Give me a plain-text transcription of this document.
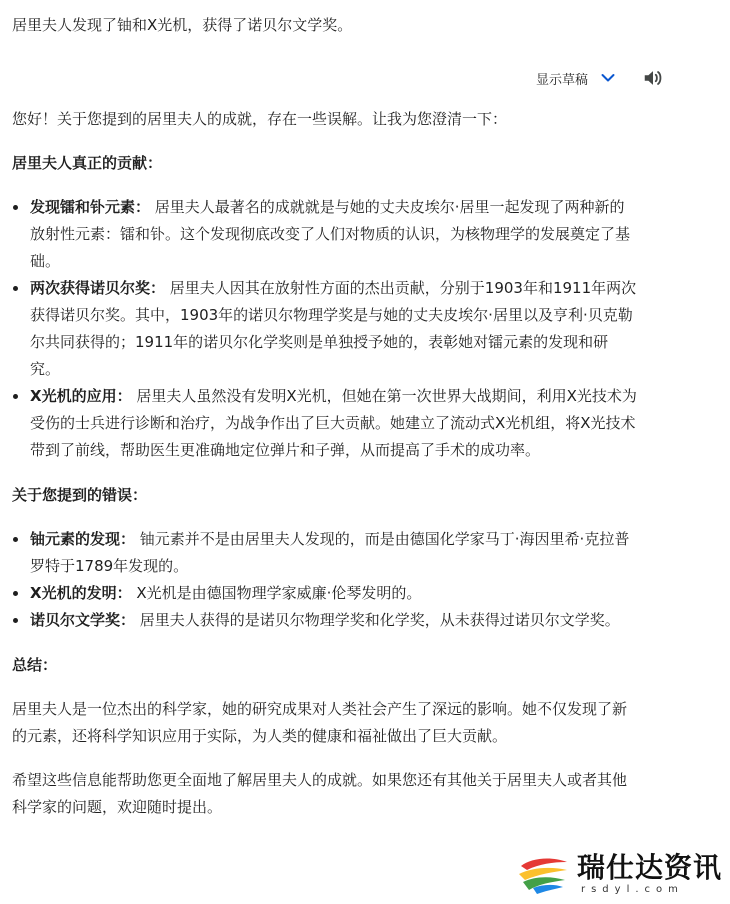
居里夫人发现了铀和X光机，获得了诺贝尔文学奖。
显示草稿

您好！关于您提到的居里夫人的成就，存在一些误解。让我为您澄清一下：

居里夫人真正的贡献：
发现镭和钋元素： 居里夫人最著名的成就就是与她的丈夫皮埃尔·居里一起发现了两种新的放射性元素：镭和钋。这个发现彻底改变了人们对物质的认识，为核物理学的发展奠定了基础。
两次获得诺贝尔奖： 居里夫人因其在放射性方面的杰出贡献，分别于1903年和1911年两次获得诺贝尔奖。其中，1903年的诺贝尔物理学奖是与她的丈夫皮埃尔·居里以及亨利·贝克勒尔共同获得的；1911年的诺贝尔化学奖则是单独授予她的，表彰她对镭元素的发现和研究。
X光机的应用： 居里夫人虽然没有发明X光机，但她在第一次世界大战期间，利用X光技术为受伤的士兵进行诊断和治疗，为战争作出了巨大贡献。她建立了流动式X光机组，将X光技术带到了前线，帮助医生更准确地定位弹片和子弹，从而提高了手术的成功率。
关于您提到的错误：
铀元素的发现： 铀元素并不是由居里夫人发现的，而是由德国化学家马丁·海因里希·克拉普罗特于1789年发现的。
X光机的发明： X光机是由德国物理学家威廉·伦琴发明的。
诺贝尔文学奖： 居里夫人获得的是诺贝尔物理学奖和化学奖，从未获得过诺贝尔文学奖。
总结：

居里夫人是一位杰出的科学家，她的研究成果对人类社会产生了深远的影响。她不仅发现了新的元素，还将科学知识应用于实际，为人类的健康和福祉做出了巨大贡献。

希望这些信息能帮助您更全面地了解居里夫人的成就。如果您还有其他关于居里夫人或者其他科学家的问题，欢迎随时提出。

瑞仕达资讯
rsdyl.com
